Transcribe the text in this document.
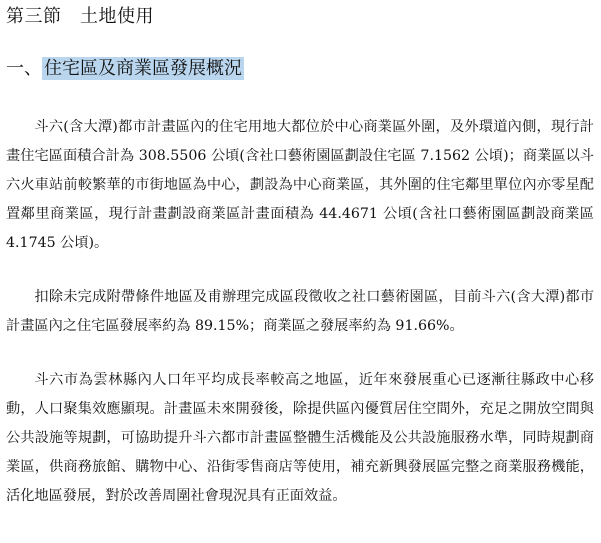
第三節　土地使用
一、 住宅區及商業區發展概況

斗六(含大潭)都市計畫區內的住宅用地大都位於中心商業區外圍，及外環道內側，現行計畫住宅區面積合計為 308.5506 公頃(含社口藝術園區劃設住宅區 7.1562 公頃)；商業區以斗六火車站前較繁華的市街地區為中心，劃設為中心商業區，其外圍的住宅鄰里單位內亦零星配置鄰里商業區，現行計畫劃設商業區計畫面積為 44.4671 公頃(含社口藝術園區劃設商業區 4.1745 公頃)。

扣除未完成附帶條件地區及甫辦理完成區段徵收之社口藝術園區，目前斗六(含大潭)都市計畫區內之住宅區發展率約為 89.15%；商業區之發展率約為 91.66%。

斗六市為雲林縣內人口年平均成長率較高之地區，近年來發展重心已逐漸往縣政中心移動，人口聚集效應顯現。計畫區未來開發後，除提供區內優質居住空間外，充足之開放空間與公共設施等規劃，可協助提升斗六都市計畫區整體生活機能及公共設施服務水準，同時規劃商業區，供商務旅館、購物中心、沿街零售商店等使用，補充新興發展區完整之商業服務機能，活化地區發展，對於改善周圍社會現況具有正面效益。
